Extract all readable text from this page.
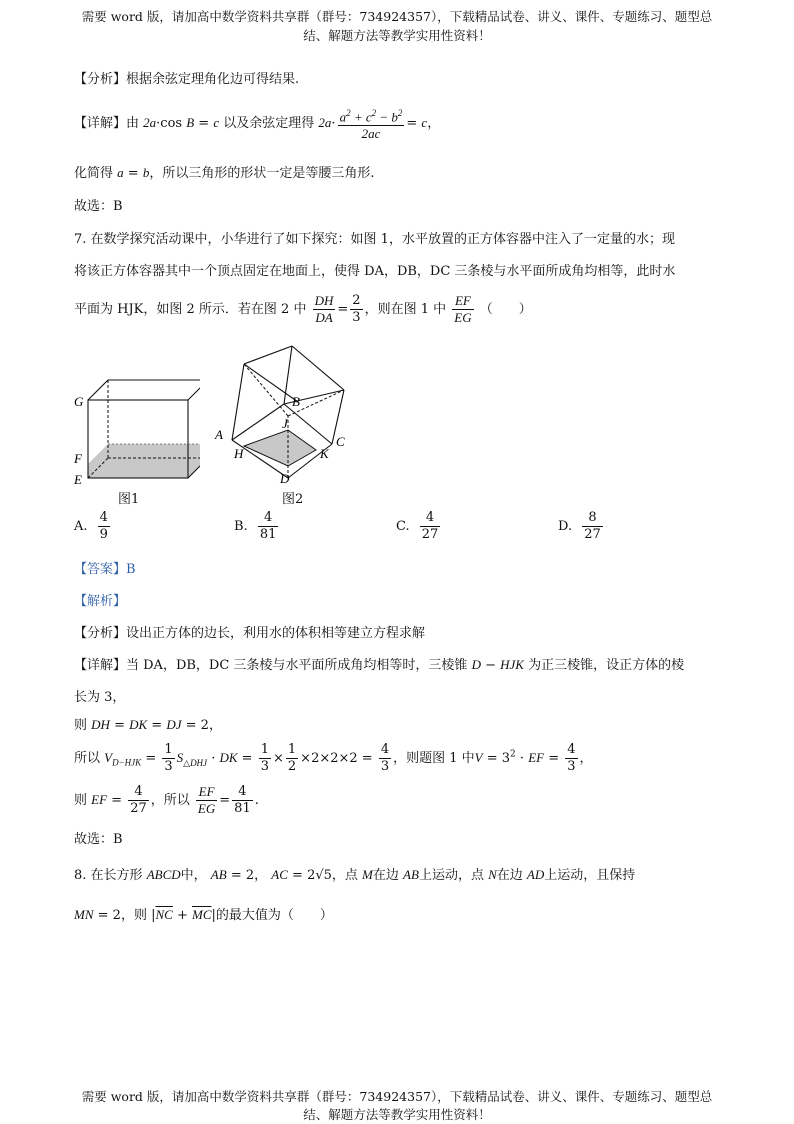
需要 word 版，请加高中数学资料共享群（群号：734924357），下载精品试卷、讲义、课件、专题练习、题型总
结、解题方法等教学实用性资料！
【分析】根据余弦定理角化边可得结果.
【详解】由 2a·cos B = c 以及余弦定理得 $2a\cdot \frac{a^2 + c^2 - b^2}{2ac} = c$，
化简得 a = b，所以三角形的形状一定是等腰三角形.
故选：B
7. 在数学探究活动课中，小华进行了如下探究：如图 1，水平放置的正方体容器中注入了一定量的水；现
将该正方体容器其中一个顶点固定在地面上，使得 DA，DB，DC 三条棱与水平面所成角均相等，此时水
平面为 HJK，如图 2 所示．若在图 2 中 $\frac{DH}{DA} = \frac{2}{3}$ ，则在图 1 中 $\frac{EF}{EG}$ （　　）
G
F
E
图1
B
J
A	C
H	K
D
图2
A. $\frac{4}{9}$	B. $\frac{4}{81}$	C. $\frac{4}{27}$	D. $\frac{8}{27}$
【答案】B
【解析】
【分析】设出正方体的边长，利用水的体积相等建立方程求解
【详解】当 DA，DB，DC 三条棱与水平面所成角均相等时，三棱锥 D − HJK 为正三棱锥，设正方体的棱
长为 3，
则 DH = DK = DJ = 2，
所以 $V_{D-HJK} = \frac{1}{3} S_{\triangle DHJ}$ · DK = $\frac{1}{3} \times \frac{1}{2} \times 2\times 2\times 2 = \frac{4}{3}$ ，则题图 1 中$V = 3^2$ · EF = $\frac{4}{3}$ ，
则 EF = $\frac{4}{27}$ ，所以 $\frac{EF}{EG} = \frac{4}{81}$ .
故选：B
8. 在长方形 ABCD中， AB = 2， AC = 2√5，点 M在边 AB上运动，点 N在边 AD上运动，且保持
MN = 2，则 $|\overline{NC} + \overline{MC}|$的最大值为（　　）
需要 word 版，请加高中数学资料共享群（群号：734924357），下载精品试卷、讲义、课件、专题练习、题型总
结、解题方法等教学实用性资料！
